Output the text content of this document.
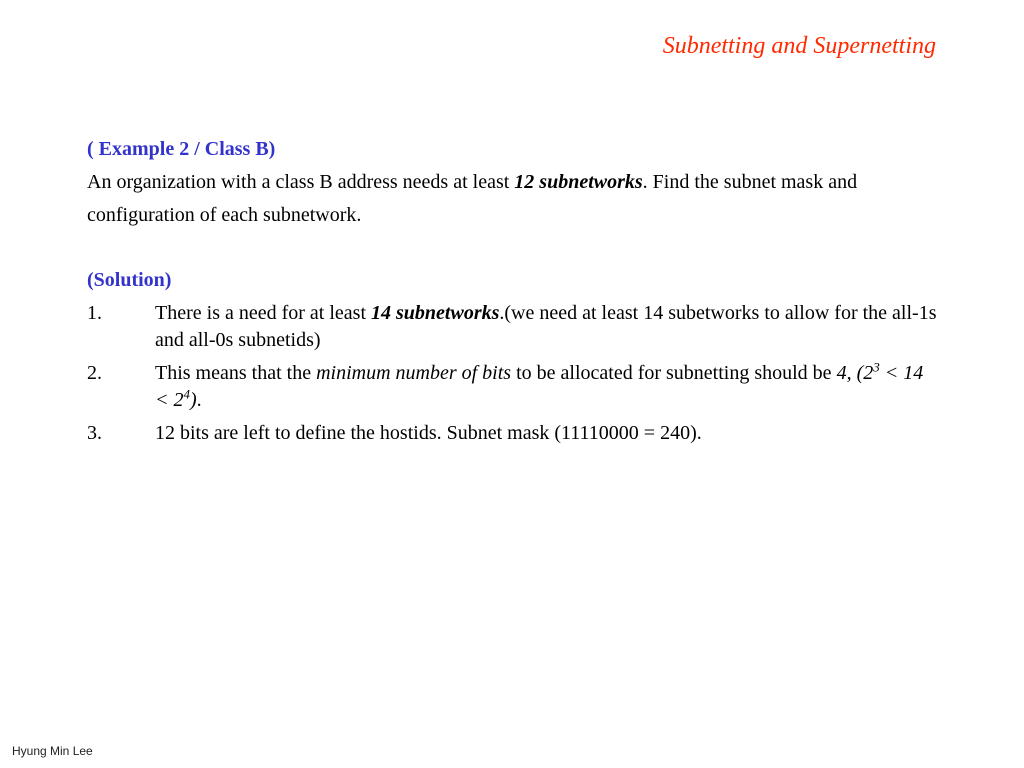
Subnetting and Supernetting

( Example 2 / Class B)

An organization with a class B address needs at least 12 subnetworks. Find the subnet mask and configuration of each subnetwork.

(Solution)

1.	There is a need for at least 14 subnetworks.(we need at least 14 subetworks to allow for the all-1s and all-0s subnetids)
2.	This means that the minimum number of bits to be allocated for subnetting should be 4, $(2^3 < 14 < 2^4)$.
3.	12 bits are left to define the hostids. Subnet mask (11110000 = 240).
Hyung Min Lee
